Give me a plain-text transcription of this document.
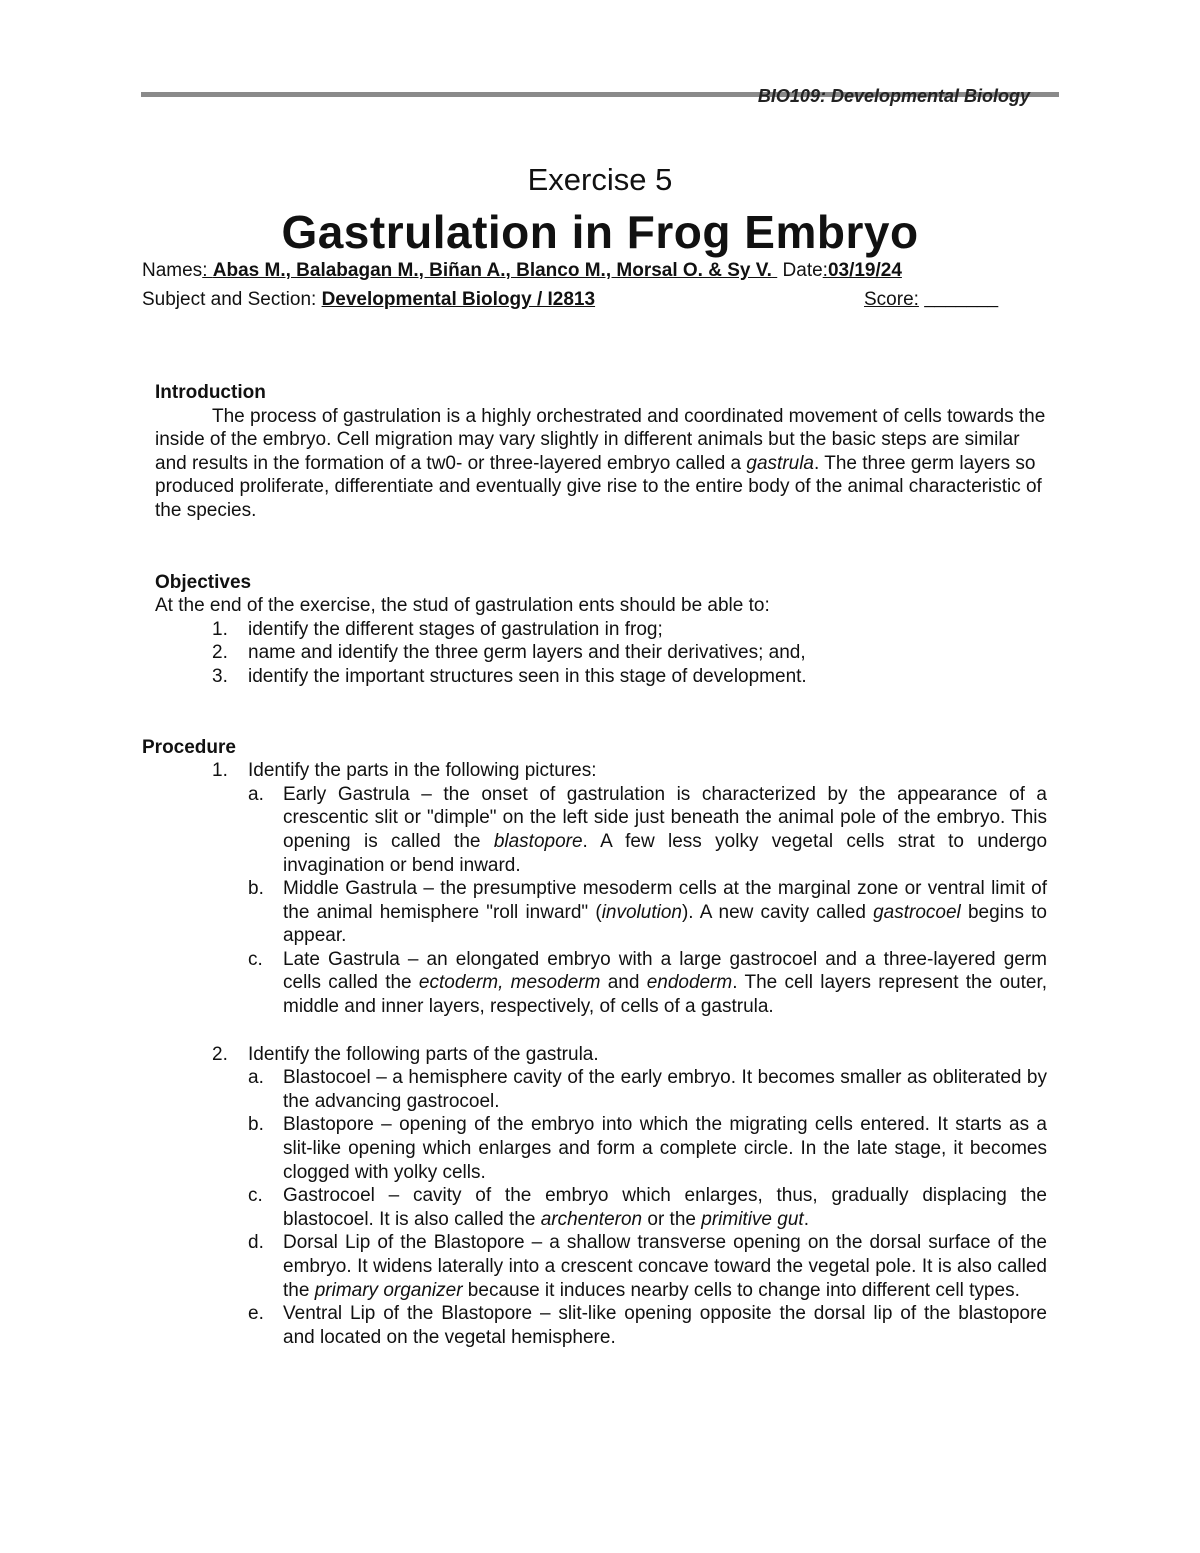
BIO109: Developmental Biology
Exercise 5
Gastrulation in Frog Embryo
Names: Abas M., Balabagan M., Biñan A., Blanco M., Morsal O. & Sy V. Date:03/19/24
Subject and Section: Developmental Biology / I2813	Score: _______
Introduction
The process of gastrulation is a highly orchestrated and coordinated movement of cells towards the inside of the embryo. Cell migration may vary slightly in different animals but the basic steps are similar and results in the formation of a tw0- or three-layered embryo called a gastrula. The three germ layers so produced proliferate, differentiate and eventually give rise to the entire body of the animal characteristic of the species.
Objectives
At the end of the exercise, the stud of gastrulation ents should be able to:
1. identify the different stages of gastrulation in frog;
2. name and identify the three germ layers and their derivatives; and,
3. identify the important structures seen in this stage of development.
Procedure
1. Identify the parts in the following pictures:
a. Early Gastrula – the onset of gastrulation is characterized by the appearance of a crescentic slit or "dimple" on the left side just beneath the animal pole of the embryo. This opening is called the blastopore. A few less yolky vegetal cells strat to undergo invagination or bend inward.
b. Middle Gastrula – the presumptive mesoderm cells at the marginal zone or ventral limit of the animal hemisphere "roll inward" (involution). A new cavity called gastrocoel begins to appear.
c. Late Gastrula – an elongated embryo with a large gastrocoel and a three-layered germ cells called the ectoderm, mesoderm and endoderm. The cell layers represent the outer, middle and inner layers, respectively, of cells of a gastrula.
2. Identify the following parts of the gastrula.
a. Blastocoel – a hemisphere cavity of the early embryo. It becomes smaller as obliterated by the advancing gastrocoel.
b. Blastopore – opening of the embryo into which the migrating cells entered. It starts as a slit-like opening which enlarges and form a complete circle. In the late stage, it becomes clogged with yolky cells.
c. Gastrocoel – cavity of the embryo which enlarges, thus, gradually displacing the blastocoel. It is also called the archenteron or the primitive gut.
d. Dorsal Lip of the Blastopore – a shallow transverse opening on the dorsal surface of the embryo. It widens laterally into a crescent concave toward the vegetal pole. It is also called the primary organizer because it induces nearby cells to change into different cell types.
e. Ventral Lip of the Blastopore – slit-like opening opposite the dorsal lip of the blastopore and located on the vegetal hemisphere.
